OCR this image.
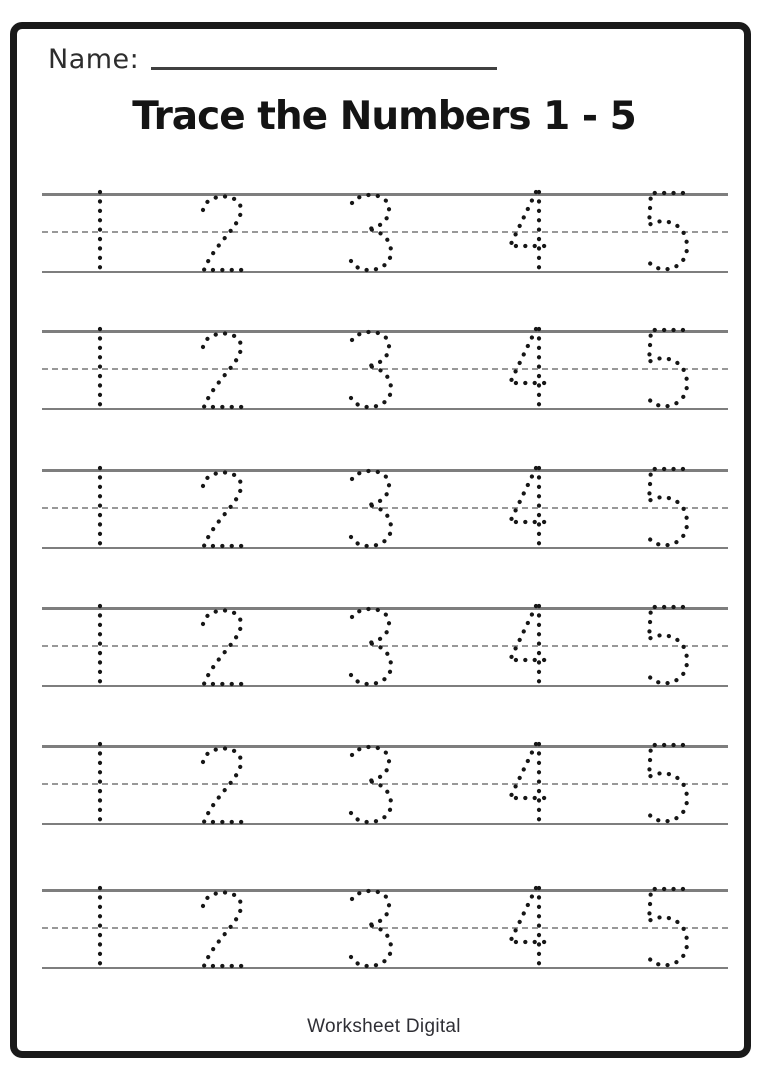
Name:
Trace the Numbers 1 - 5
Worksheet Digital
